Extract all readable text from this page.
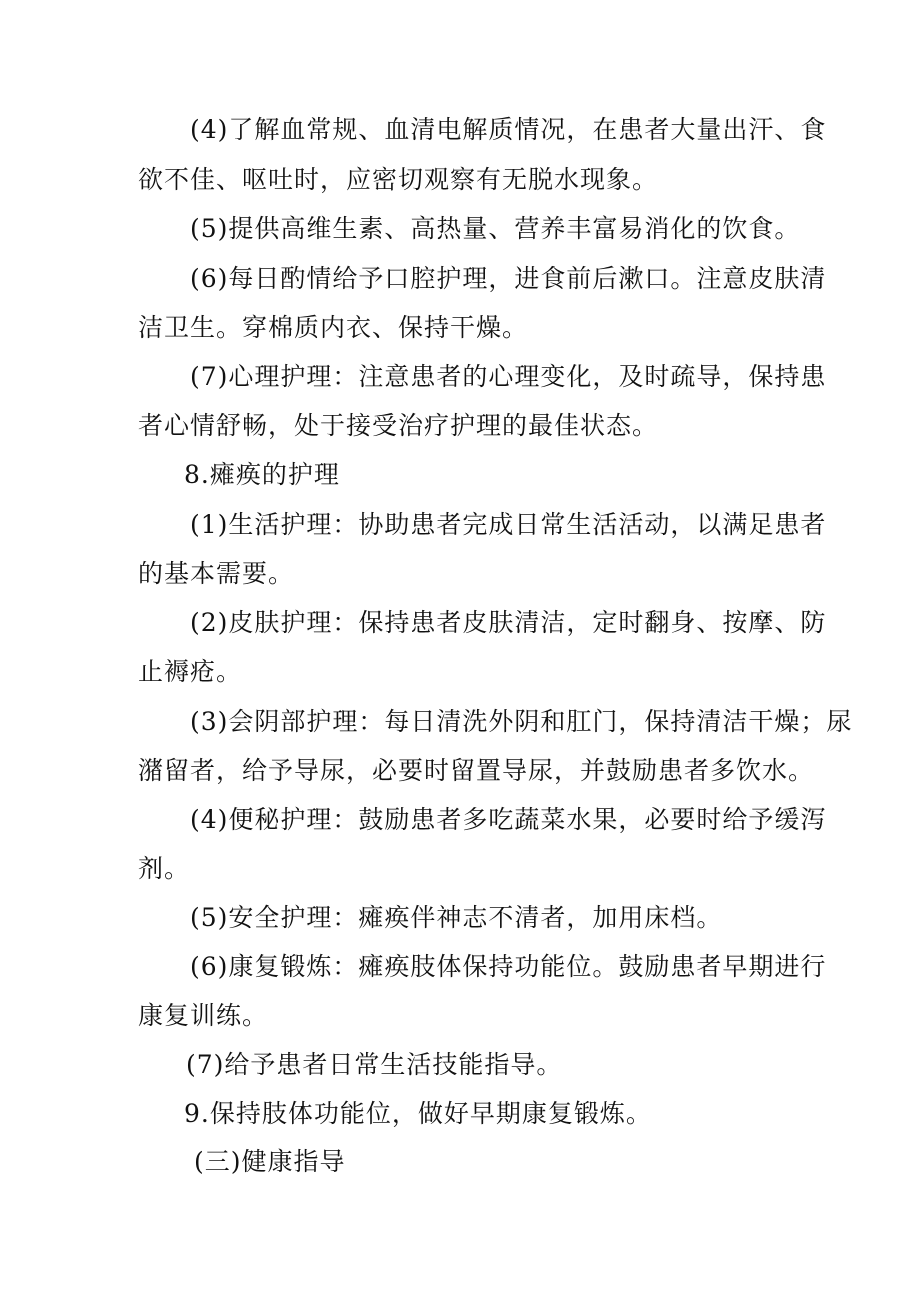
(4)了解血常规、血清电解质情况，在患者大量出汗、食
欲不佳、呕吐时，应密切观察有无脱水现象。
(5)提供高维生素、高热量、营养丰富易消化的饮食。
(6)每日酌情给予口腔护理，进食前后漱口。注意皮肤清
洁卫生。穿棉质内衣、保持干燥。
(7)心理护理：注意患者的心理变化，及时疏导，保持患
者心情舒畅，处于接受治疗护理的最佳状态。
8.瘫痪的护理
(1)生活护理：协助患者完成日常生活活动，以满足患者
的基本需要。
(2)皮肤护理：保持患者皮肤清洁，定时翻身、按摩、防
止褥疮。
(3)会阴部护理：每日清洗外阴和肛门，保持清洁干燥；尿
潴留者，给予导尿，必要时留置导尿，并鼓励患者多饮水。
(4)便秘护理：鼓励患者多吃蔬菜水果，必要时给予缓泻
剂。
(5)安全护理：瘫痪伴神志不清者，加用床档。
(6)康复锻炼：瘫痪肢体保持功能位。鼓励患者早期进行
康复训练。
(7)给予患者日常生活技能指导。
9.保持肢体功能位，做好早期康复锻炼。
(三)健康指导
